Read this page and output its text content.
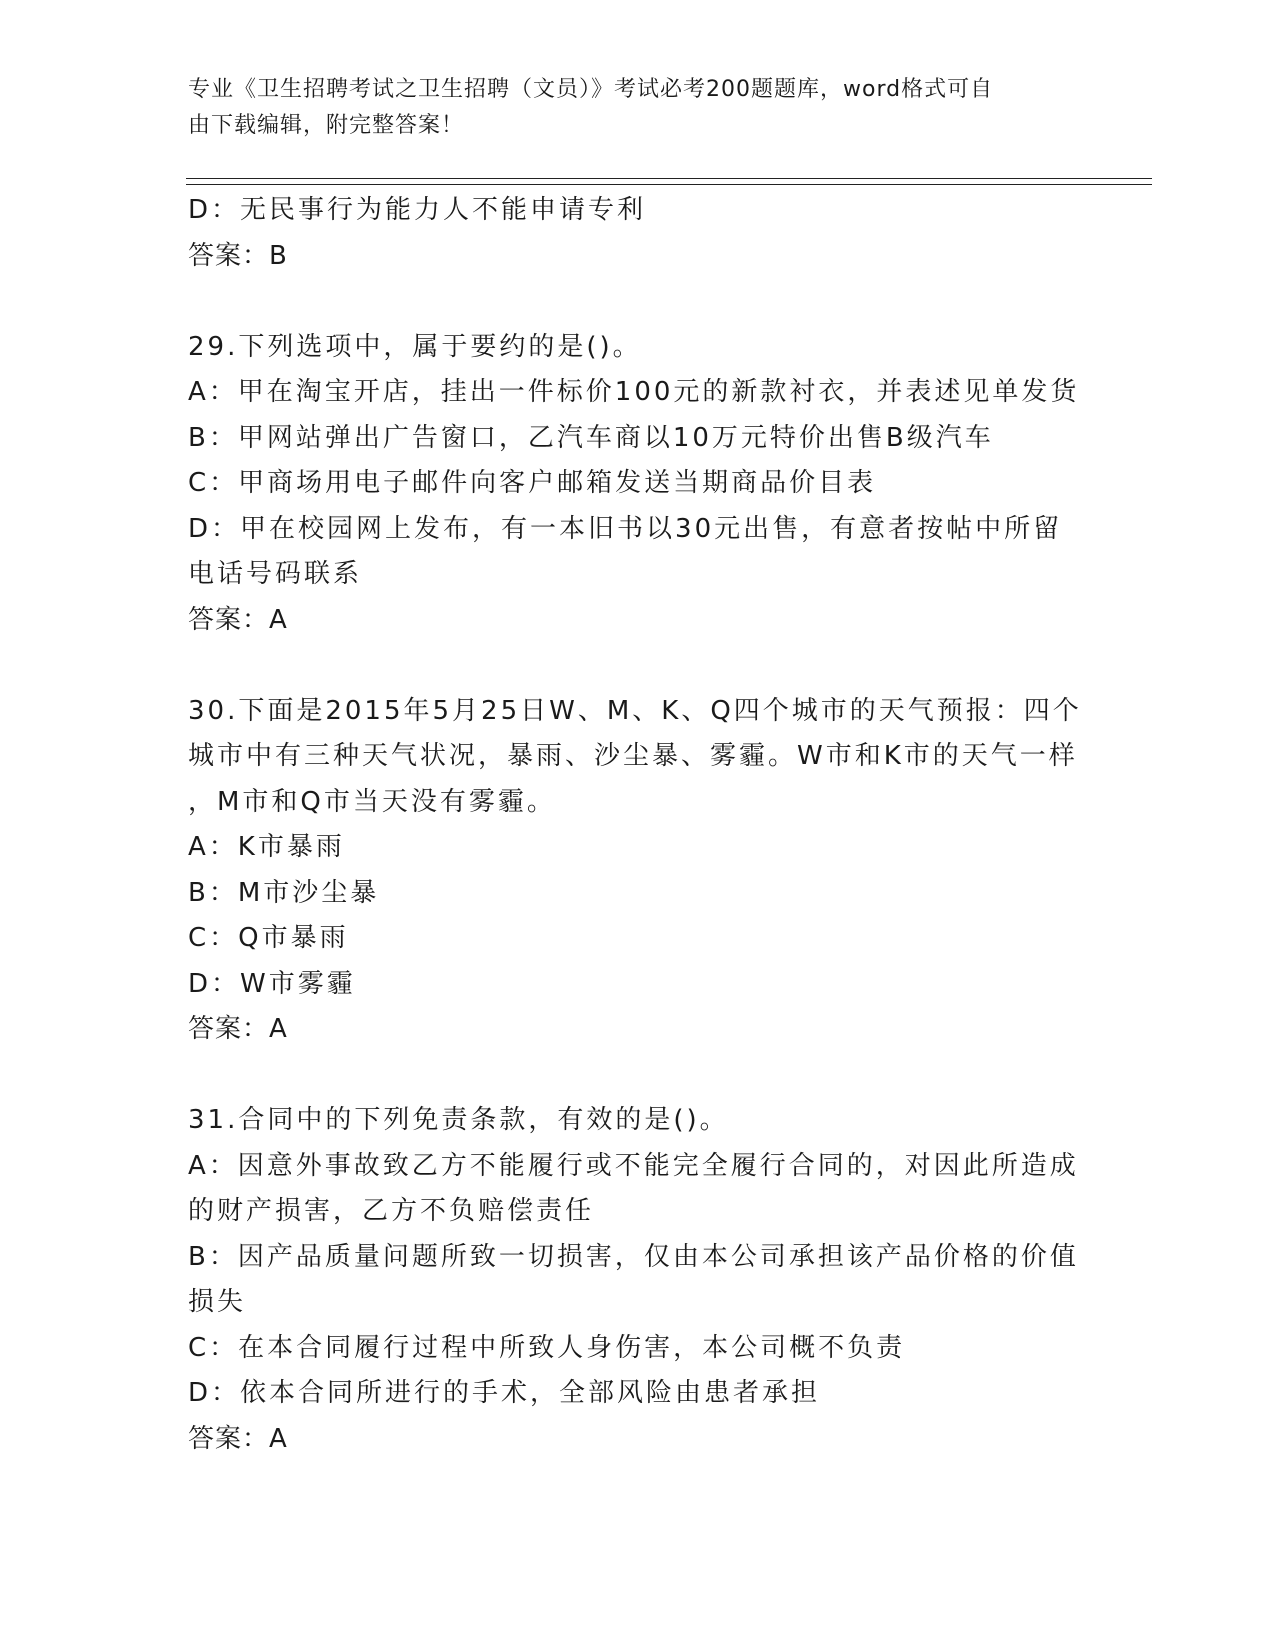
专业《卫生招聘考试之卫生招聘（文员）》考试必考200题题库，word格式可自
由下载编辑，附完整答案！
D：无民事行为能力人不能申请专利
答案：B
29.下列选项中，属于要约的是()。
A：甲在淘宝开店，挂出一件标价100元的新款衬衣，并表述见单发货
B：甲网站弹出广告窗口，乙汽车商以10万元特价出售B级汽车
C：甲商场用电子邮件向客户邮箱发送当期商品价目表
D：甲在校园网上发布，有一本旧书以30元出售，有意者按帖中所留
电话号码联系
答案：A
30.下面是2015年5月25日W、M、K、Q四个城市的天气预报：四个
城市中有三种天气状况，暴雨、沙尘暴、雾霾。W市和K市的天气一样
，M市和Q市当天没有雾霾。
A：K市暴雨
B：M市沙尘暴
C：Q市暴雨
D：W市雾霾
答案：A
31.合同中的下列免责条款，有效的是()。
A：因意外事故致乙方不能履行或不能完全履行合同的，对因此所造成
的财产损害，乙方不负赔偿责任
B：因产品质量问题所致一切损害，仅由本公司承担该产品价格的价值
损失
C：在本合同履行过程中所致人身伤害，本公司概不负责
D：依本合同所进行的手术，全部风险由患者承担
答案：A
